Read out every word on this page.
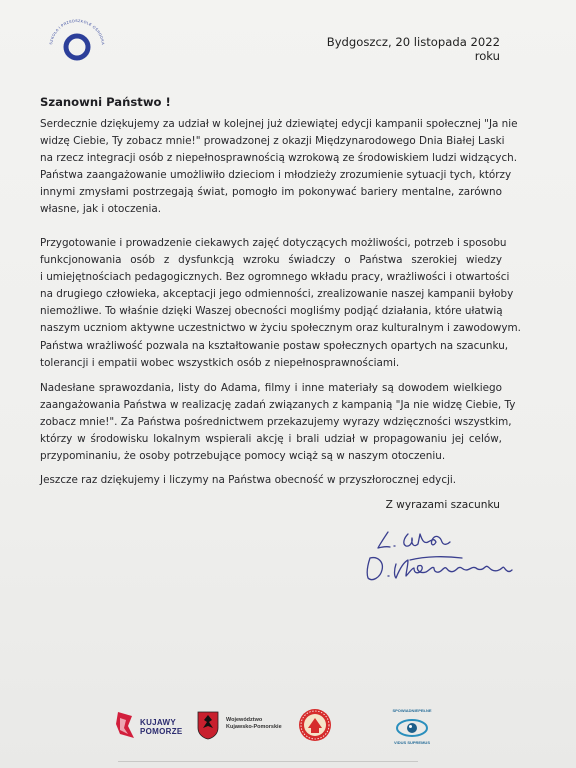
SZKOŁA I PRZEDSZKOLE OŚRODKA	Bydgoszcz, 20 listopada 2022 roku
Szanowni Państwo !
Serdecznie dziękujemy za udział w kolejnej już dziewiątej edycji kampanii społecznej "Ja nie
widzę Ciebie, Ty zobacz mnie!" prowadzonej z okazji Międzynarodowego Dnia Białej Laski
na rzecz integracji osób z niepełnosprawnością wzrokową ze środowiskiem ludzi widzących.
Państwa zaangażowanie umożliwiło dzieciom i młodzieży zrozumienie sytuacji tych, którzy
innymi zmysłami postrzegają świat, pomogło im pokonywać bariery mentalne, zarówno
własne, jak i otoczenia.
Przygotowanie i prowadzenie ciekawych zajęć dotyczących możliwości, potrzeb i sposobu
funkcjonowania osób z dysfunkcją wzroku świadczy o Państwa szerokiej wiedzy
i umiejętnościach pedagogicznych. Bez ogromnego wkładu pracy, wrażliwości i otwartości
na drugiego człowieka, akceptacji jego odmienności, zrealizowanie naszej kampanii byłoby
niemożliwe. To właśnie dzięki Waszej obecności mogliśmy podjąć działania, które ułatwią
naszym uczniom aktywne uczestnictwo w życiu społecznym oraz kulturalnym i zawodowym.
Państwa wrażliwość pozwala na kształtowanie postaw społecznych opartych na szacunku,
tolerancji i empatii wobec wszystkich osób z niepełnosprawnościami.
Nadesłane sprawozdania, listy do Adama, filmy i inne materiały są dowodem wielkiego
zaangażowania Państwa w realizację zadań związanych z kampanią "Ja nie widzę Ciebie, Ty
zobacz mnie!". Za Państwa pośrednictwem przekazujemy wyrazy wdzięczności wszystkim,
którzy w środowisku lokalnym wspierali akcję i brali udział w propagowaniu jej celów,
przypominaniu, że osoby potrzebujące pomocy wciąż są w naszym otoczeniu.
Jeszcze raz dziękujemy i liczymy na Państwa obecność w przyszłorocznej edycji.
Z wyrazami szacunku
KUJAWY
POMORZE
Województwo
Kujawsko-Pomorskie
SPOWIADNIEPEŁNE
VIDUS SUPREMUS
